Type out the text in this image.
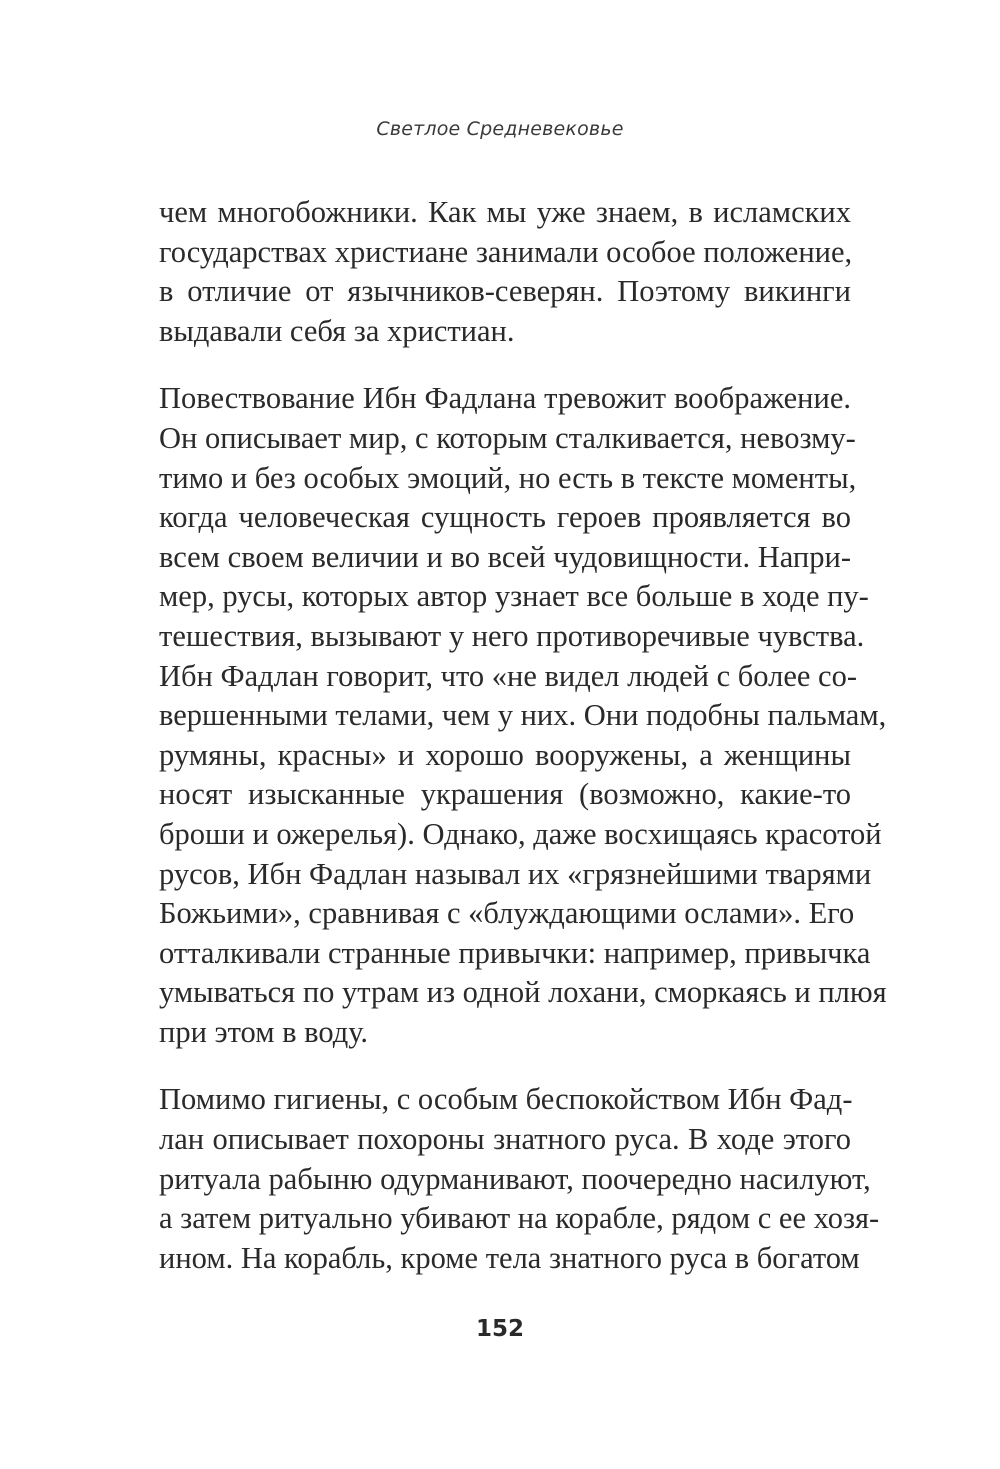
Светлое Средневековье
чем многобожники. Как мы уже знаем, в исламских
государствах христиане занимали особое положение,
в отличие от язычников-северян. Поэтому викинги
выдавали себя за христиан.
Повествование Ибн Фадлана тревожит воображение.
Он описывает мир, с которым сталкивается, невозму-
тимо и без особых эмоций, но есть в тексте моменты,
когда человеческая сущность героев проявляется во
всем своем величии и во всей чудовищности. Напри-
мер, русы, которых автор узнает все больше в ходе пу-
тешествия, вызывают у него противоречивые чувства.
Ибн Фадлан говорит, что «не видел людей с более со-
вершенными телами, чем у них. Они подобны пальмам,
румяны, красны» и хорошо вооружены, а женщины
носят изысканные украшения (возможно, какие-то
броши и ожерелья). Однако, даже восхищаясь красотой
русов, Ибн Фадлан называл их «грязнейшими тварями
Божьими», сравнивая с «блуждающими ослами». Его
отталкивали странные привычки: например, привычка
умываться по утрам из одной лохани, сморкаясь и плюя
при этом в воду.
Помимо гигиены, с особым беспокойством Ибн Фад-
лан описывает похороны знатного руса. В ходе этого
ритуала рабыню одурманивают, поочередно насилуют,
а затем ритуально убивают на корабле, рядом с ее хозя-
ином. На корабль, кроме тела знатного руса в богатом
152
